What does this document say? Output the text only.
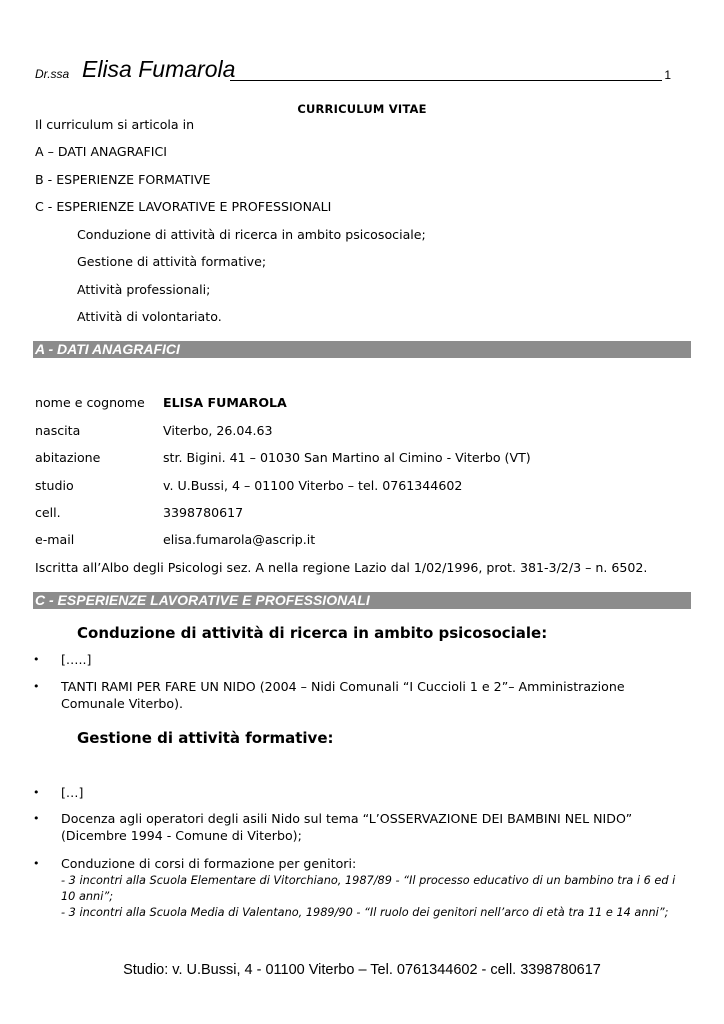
Dr.ssa Elisa Fumarola	1
CURRICULUM VITAE
Il curriculum si articola in
A – DATI ANAGRAFICI
B - ESPERIENZE FORMATIVE
C - ESPERIENZE LAVORATIVE E PROFESSIONALI
Conduzione di attività di ricerca in ambito psicosociale;
Gestione di attività formative;
Attività professionali;
Attività di volontariato.
A - DATI ANAGRAFICI
nome e cognome ELISA FUMAROLA
nascita	Viterbo, 26.04.63
abitazione	str. Bigini. 41 – 01030 San Martino al Cimino - Viterbo (VT)
studio	v. U.Bussi, 4 – 01100 Viterbo – tel. 0761344602
cell.	3398780617
e-mail	elisa.fumarola@ascrip.it
Iscritta all’Albo degli Psicologi sez. A nella regione Lazio dal 1/02/1996, prot. 381-3/2/3 – n. 6502.
C - ESPERIENZE LAVORATIVE E PROFESSIONALI
Conduzione di attività di ricerca in ambito psicosociale:
• […..]
• TANTI RAMI PER FARE UN NIDO (2004 – Nidi Comunali “I Cuccioli 1 e 2”– Amministrazione Comunale Viterbo).
Gestione di attività formative:
• […]
• Docenza agli operatori degli asili Nido sul tema “L’OSSERVAZIONE DEI BAMBINI NEL NIDO” (Dicembre 1994 - Comune di Viterbo);
• Conduzione di corsi di formazione per genitori:
- 3 incontri alla Scuola Elementare di Vitorchiano, 1987/89 - “Il processo educativo di un bambino tra i 6 ed i 10 anni”;
- 3 incontri alla Scuola Media di Valentano, 1989/90 - “Il ruolo dei genitori nell’arco di età tra 11 e 14 anni”;
Studio: v. U.Bussi, 4 - 01100 Viterbo – Tel. 0761344602 - cell. 3398780617
